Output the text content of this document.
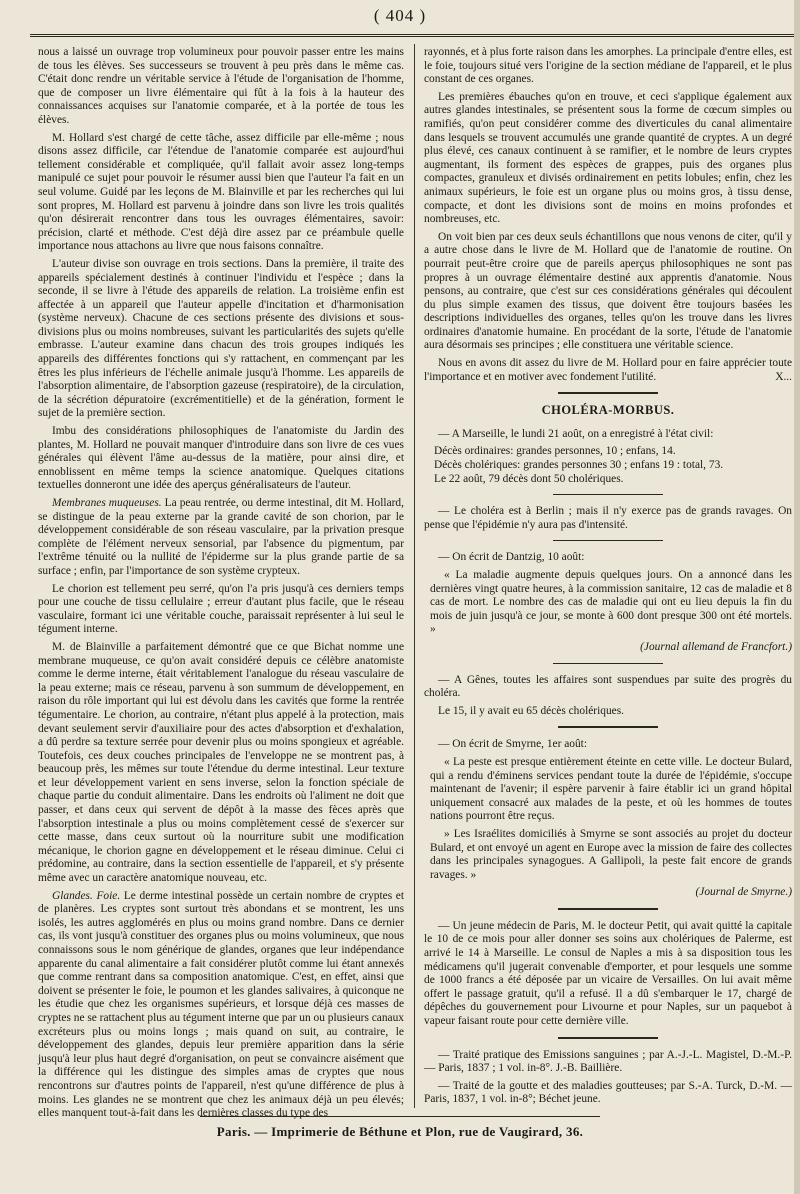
( 404 )

nous a laissé un ouvrage trop volumineux pour pouvoir passer entre les mains de tous les élèves. Ses successeurs se trouvent à peu près dans le même cas. C'était donc rendre un véritable service à l'étude de l'organisation de l'homme, que de composer un livre élémentaire qui fût à la fois à la hauteur des connaissances acquises sur l'anatomie comparée, et à la portée de tous les élèves.

M. Hollard s'est chargé de cette tâche, assez difficile par elle-même ; nous disons assez difficile, car l'étendue de l'anatomie comparée est aujourd'hui tellement considérable et compliquée, qu'il fallait avoir assez long-temps manipulé ce sujet pour pouvoir le résumer aussi bien que l'auteur l'a fait en un seul volume. Guidé par les leçons de M. Blainville et par les recherches qui lui sont propres, M. Hollard est parvenu à joindre dans son livre les trois qualités qu'on désirerait rencontrer dans tous les ouvrages élémentaires, savoir: précision, clarté et méthode. C'est déjà dire assez par ce préambule quelle importance nous attachons au livre que nous faisons connaître.

L'auteur divise son ouvrage en trois sections. Dans la première, il traite des appareils spécialement destinés à continuer l'individu et l'espèce ; dans la seconde, il se livre à l'étude des appareils de relation. La troisième enfin est affectée à un appareil que l'auteur appelle d'incitation et d'harmonisation (système nerveux). Chacune de ces sections présente des divisions et sous-divisions plus ou moins nombreuses, suivant les particularités des sujets qu'elle embrasse. L'auteur examine dans chacun des trois groupes indiqués les appareils des différentes fonctions qui s'y rattachent, en commençant par les êtres les plus inférieurs de l'échelle animale jusqu'à l'homme. Les appareils de l'absorption alimentaire, de l'absorption gazeuse (respiratoire), de la circulation, de la sécrétion dépuratoire (excrémentitielle) et de la génération, forment le sujet de la première section.

Imbu des considérations philosophiques de l'anatomiste du Jardin des plantes, M. Hollard ne pouvait manquer d'introduire dans son livre de ces vues générales qui élèvent l'âme au-dessus de la matière, pour ainsi dire, et ennoblissent en même temps la science anatomique. Quelques citations textuelles donneront une idée des aperçus généralisateurs de l'auteur.

Membranes muqueuses. La peau rentrée, ou derme intestinal, dit M. Hollard, se distingue de la peau externe par la grande cavité de son chorion, par le développement considérable de son réseau vasculaire, par la privation presque complète de l'élément nerveux sensorial, par l'absence du pigmentum, par l'extrême ténuité ou la nullité de l'épiderme sur la plus grande partie de sa surface ; enfin, par l'importance de son système crypteux.

Le chorion est tellement peu serré, qu'on l'a pris jusqu'à ces derniers temps pour une couche de tissu cellulaire ; erreur d'autant plus facile, que le réseau vasculaire, formant ici une véritable couche, paraissait représenter à lui seul le tégument interne.

M. de Blainville a parfaitement démontré que ce que Bichat nomme une membrane muqueuse, ce qu'on avait considéré depuis ce célèbre anatomiste comme le derme interne, était véritablement l'analogue du réseau vasculaire de la peau externe; mais ce réseau, parvenu à son summum de développement, en raison du rôle important qui lui est dévolu dans les cavités que forme la rentrée tégumentaire. Le chorion, au contraire, n'étant plus appelé à la protection, mais devant seulement servir d'auxiliaire pour des actes d'absorption et d'exhalation, a dû perdre sa texture serrée pour devenir plus ou moins spongieux et agréable. Toutefois, ces deux couches principales de l'enveloppe ne se montrent pas, à beaucoup près, les mêmes sur toute l'étendue du derme intestinal. Leur texture et leur développement varient en sens inverse, selon la fonction spéciale de chaque partie du conduit alimentaire. Dans les endroits où l'aliment ne doit que passer, et dans ceux qui servent de dépôt à la masse des fèces après que l'absorption intestinale a plus ou moins complètement cessé de s'exercer sur cette masse, dans ceux surtout où la nourriture subit une modification mécanique, le chorion gagne en développement et le réseau diminue. Celui ci prédomine, au contraire, dans la section essentielle de l'appareil, et s'y présente même avec un caractère anatomique nouveau, etc.

Glandes. Foie. Le derme intestinal possède un certain nombre de cryptes et de planères. Les cryptes sont surtout très abondans et se montrent, les uns isolés, les autres agglomérés en plus ou moins grand nombre. Dans ce dernier cas, ils vont jusqu'à constituer des organes plus ou moins volumineux, que nous connaissons sous le nom générique de glandes, organes que leur indépendance apparente du canal alimentaire a fait considérer plutôt comme lui étant annexés que comme rentrant dans sa composition anatomique. C'est, en effet, ainsi que doivent se présenter le foie, le poumon et les glandes salivaires, à quiconque ne les étudie que chez les organismes supérieurs, et lorsque déjà ces masses de cryptes ne se rattachent plus au tégument interne que par un ou plusieurs canaux excréteurs plus ou moins longs ; mais quand on suit, au contraire, le développement des glandes, depuis leur première apparition dans la série jusqu'à leur plus haut degré d'organisation, on peut se convaincre aisément que la différence qui les distingue des simples amas de cryptes que nous rencontrons sur d'autres points de l'appareil, n'est qu'une différence de plus à moins. Les glandes ne se montrent que chez les animaux déjà un peu élevés; elles manquent tout-à-fait dans les dernières classes du type des

rayonnés, et à plus forte raison dans les amorphes. La principale d'entre elles, est le foie, toujours situé vers l'origine de la section médiane de l'appareil, et le plus constant de ces organes.

Les premières ébauches qu'on en trouve, et ceci s'applique également aux autres glandes intestinales, se présentent sous la forme de cœcum simples ou ramifiés, qu'on peut considérer comme des diverticules du canal alimentaire dans lesquels se trouvent accumulés une grande quantité de cryptes. A un degré plus élevé, ces canaux continuent à se ramifier, et le nombre de leurs cryptes augmentant, ils forment des espèces de grappes, puis des organes plus compactes, granuleux et divisés ordinairement en petits lobules; enfin, chez les animaux supérieurs, le foie est un organe plus ou moins gros, à tissu dense, compacte, et dont les divisions sont de moins en moins profondes et nombreuses, etc.

On voit bien par ces deux seuls échantillons que nous venons de citer, qu'il y a autre chose dans le livre de M. Hollard que de l'anatomie de routine. On pourrait peut-être croire que de pareils aperçus philosophiques ne sont pas propres à un ouvrage élémentaire destiné aux apprentis d'anatomie. Nous pensons, au contraire, que c'est sur ces considérations générales qui découlent du plus simple examen des tissus, que doivent être toujours basées les descriptions individuelles des organes, telles qu'on les trouve dans les livres ordinaires d'anatomie humaine. En procédant de la sorte, l'étude de l'anatomie aura désormais ses principes ; elle constituera une véritable science.

Nous en avons dit assez du livre de M. Hollard pour en faire apprécier toute l'importance et en motiver avec fondement l'utilité.	X...

CHOLÉRA-MORBUS.

— A Marseille, le lundi 21 août, on a enregistré à l'état civil:

Décès ordinaires: grandes personnes, 10 ; enfans, 14.
Décès cholériques: grandes personnes 30 ; enfans 19 : total, 73.
Le 22 août, 79 décès dont 50 cholériques.

— Le choléra est à Berlin ; mais il n'y exerce pas de grands ravages. On pense que l'épidémie n'y aura pas d'intensité.

— On écrit de Dantzig, 10 août:

« La maladie augmente depuis quelques jours. On a annoncé dans les dernières vingt quatre heures, à la commission sanitaire, 12 cas de maladie et 8 cas de mort. Le nombre des cas de maladie qui ont eu lieu depuis la fin du mois de juin jusqu'à ce jour, se monte à 600 dont presque 300 ont été mortels. »

(Journal allemand de Francfort.)

— A Gênes, toutes les affaires sont suspendues par suite des progrès du choléra.

Le 15, il y avait eu 65 décès cholériques.

— On écrit de Smyrne, 1er août:

« La peste est presque entièrement éteinte en cette ville. Le docteur Bulard, qui a rendu d'éminens services pendant toute la durée de l'épidémie, s'occupe maintenant de l'avenir; il espère parvenir à faire établir ici un grand hôpital uniquement consacré aux malades de la peste, et où les hommes de toutes nations pourront être reçus.

» Les Israélites domiciliés à Smyrne se sont associés au projet du docteur Bulard, et ont envoyé un agent en Europe avec la mission de faire des collectes dans les principales synagogues. A Gallipoli, la peste fait encore de grands ravages. »

(Journal de Smyrne.)

— Un jeune médecin de Paris, M. le docteur Petit, qui avait quitté la capitale le 10 de ce mois pour aller donner ses soins aux cholériques de Palerme, est arrivé le 14 à Marseille. Le consul de Naples a mis à sa disposition tous les médicamens qu'il jugerait convenable d'emporter, et pour lesquels une somme de 1000 francs a été déposée par un vicaire de Versailles. On lui avait même offert le passage gratuit, qu'il a refusé. Il a dû s'embarquer le 17, chargé de dépêches du gouvernement pour Livourne et pour Naples, sur un paquebot à vapeur faisant route pour cette dernière ville.

— Traité pratique des Emissions sanguines ; par A.-J.-L. Magistel, D.-M.-P. — Paris, 1837 ; 1 vol. in-8°. J.-B. Baillière.

— Traité de la goutte et des maladies goutteuses; par S.-A. Turck, D.-M. — Paris, 1837, 1 vol. in-8°; Béchet jeune.

Paris. — Imprimerie de Béthune et Plon, rue de Vaugirard, 36.
